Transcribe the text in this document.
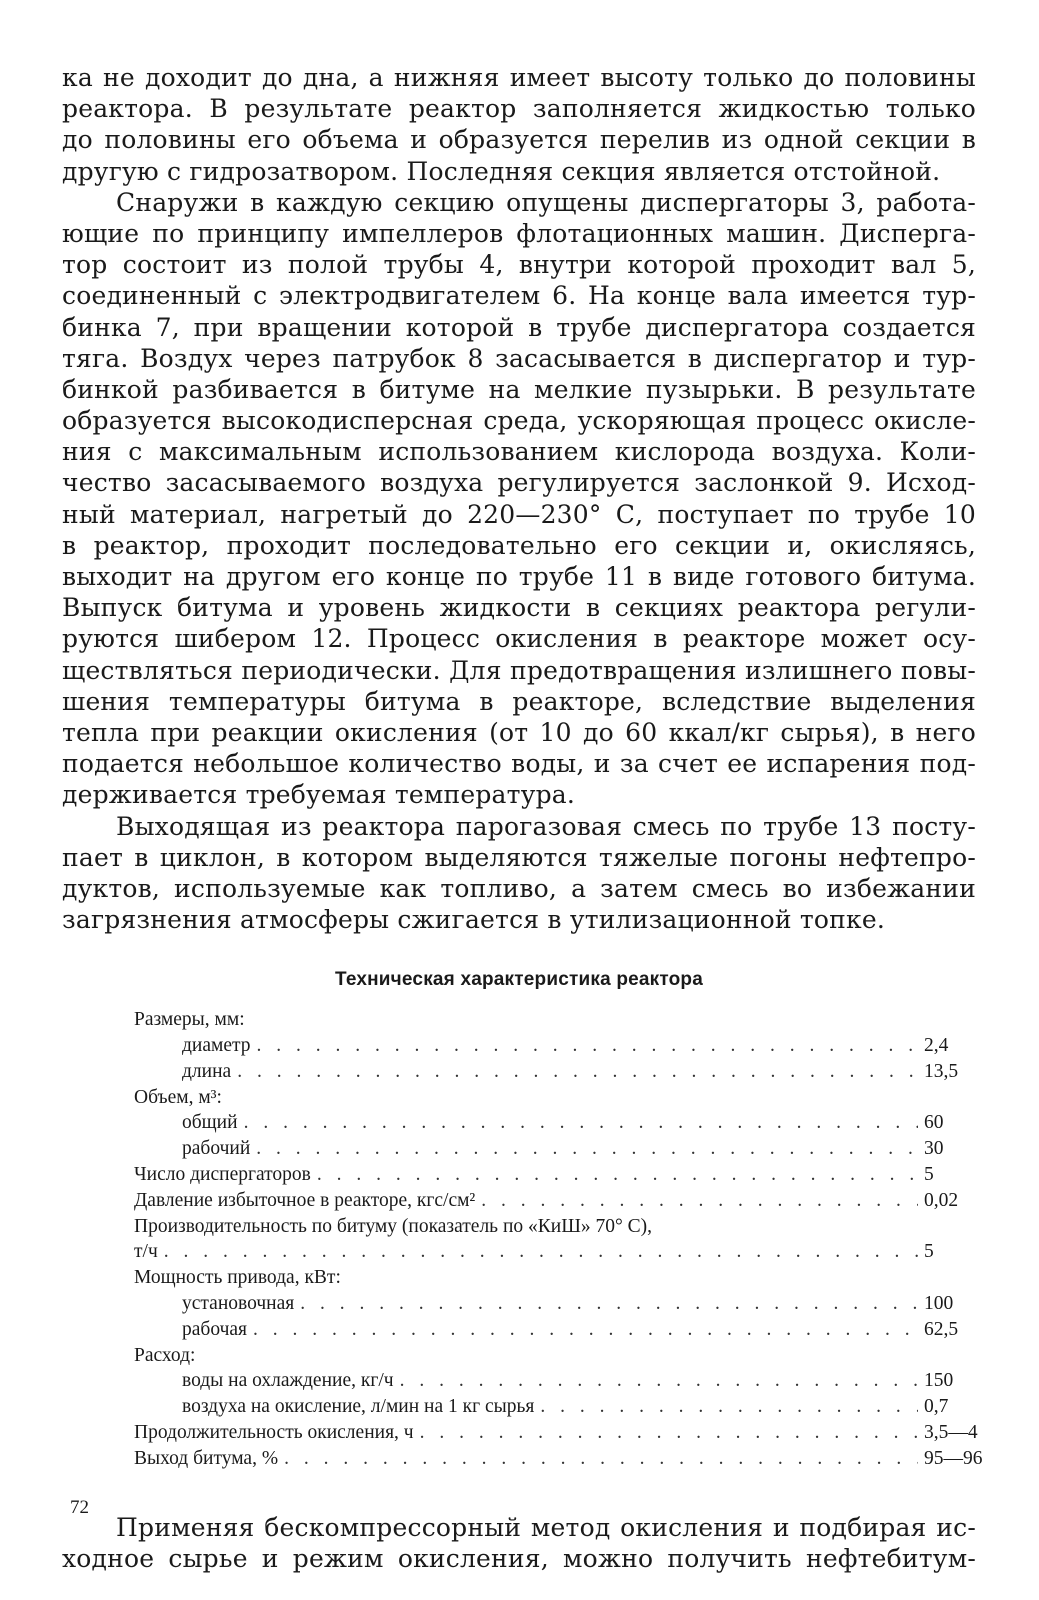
ка не доходит до дна, а нижняя имеет высоту только до половины
реактора. В результате реактор заполняется жидкостью только
до половины его объема и образуется перелив из одной секции в
другую с гидрозатвором. Последняя секция является отстойной.
Снаружи в каждую секцию опущены диспергаторы 3, работа-
ющие по принципу импеллеров флотационных машин. Дисперга-
тор состоит из полой трубы 4, внутри которой проходит вал 5,
соединенный с электродвигателем 6. На конце вала имеется тур-
бинка 7, при вращении которой в трубе диспергатора создается
тяга. Воздух через патрубок 8 засасывается в диспергатор и тур-
бинкой разбивается в битуме на мелкие пузырьки. В результате
образуется высокодисперсная среда, ускоряющая процесс окисле-
ния с максимальным использованием кислорода воздуха. Коли-
чество засасываемого воздуха регулируется заслонкой 9. Исход-
ный материал, нагретый до 220—230° С, поступает по трубе 10
в реактор, проходит последовательно его секции и, окисляясь,
выходит на другом его конце по трубе 11 в виде готового битума.
Выпуск битума и уровень жидкости в секциях реактора регули-
руются шибером 12. Процесс окисления в реакторе может осу-
ществляться периодически. Для предотвращения излишнего повы-
шения температуры битума в реакторе, вследствие выделения
тепла при реакции окисления (от 10 до 60 ккал/кг сырья), в него
подается небольшое количество воды, и за счет ее испарения под-
держивается требуемая температура.
Выходящая из реактора парогазовая смесь по трубе 13 посту-
пает в циклон, в котором выделяются тяжелые погоны нефтепро-
дуктов, используемые как топливо, а затем смесь во избежании
загрязнения атмосферы сжигается в утилизационной топке.
Техническая характеристика реактора
Размеры, мм:
диаметр . . .	2,4
длина . . .	13,5
Объем, м³:
общий . . .	60
рабочий . . .	30
Число диспергаторов . . .	5
Давление избыточное в реакторе, кгс/см² . . .	0,02
Производительность по битуму (показатель по «КиШ» 70° С),
т/ч . . .	5
Мощность привода, кВт:
установочная . . .	100
рабочая . . .	62,5
Расход:
воды на охлаждение, кг/ч . . .	150
воздуха на окисление, л/мин на 1 кг сырья . . .	0,7
Продолжительность окисления, ч . . .	3,5—4
Выход битума, % . . .	95—96
Применяя бескомпрессорный метод окисления и подбирая ис-
ходное сырье и режим окисления, можно получить нефтебитум-
72
